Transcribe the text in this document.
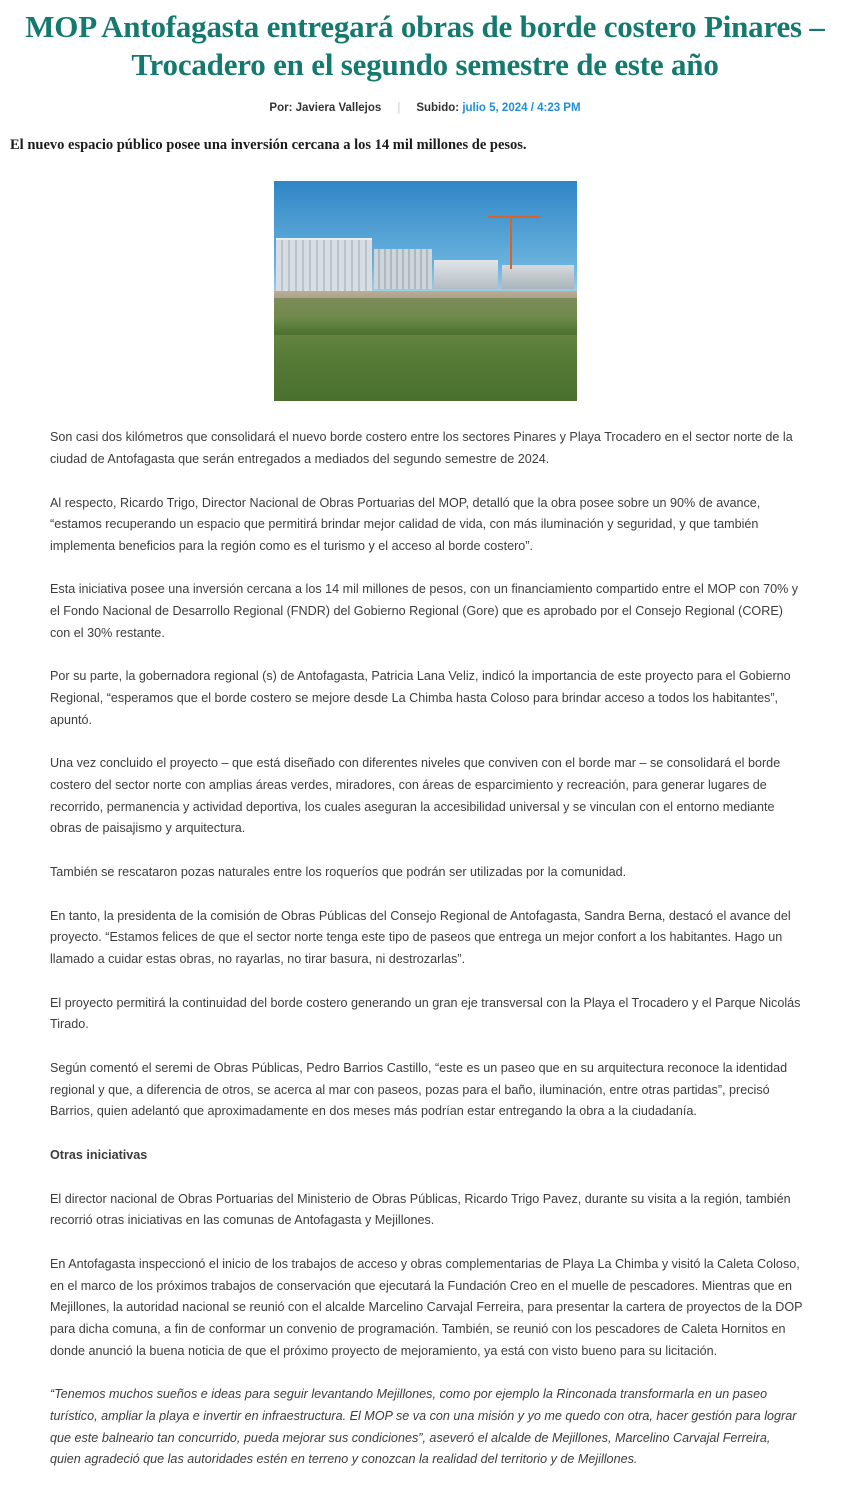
MOP Antofagasta entregará obras de borde costero Pinares – Trocadero en el segundo semestre de este año
Por: Javiera Vallejos | Subido: julio 5, 2024 / 4:23 PM

El nuevo espacio público posee una inversión cercana a los 14 mil millones de pesos.

Son casi dos kilómetros que consolidará el nuevo borde costero entre los sectores Pinares y Playa Trocadero en el sector norte de la ciudad de Antofagasta que serán entregados a mediados del segundo semestre de 2024.

Al respecto, Ricardo Trigo, Director Nacional de Obras Portuarias del MOP, detalló que la obra posee sobre un 90% de avance, “estamos recuperando un espacio que permitirá brindar mejor calidad de vida, con más iluminación y seguridad, y que también implementa beneficios para la región como es el turismo y el acceso al borde costero”.

Esta iniciativa posee una inversión cercana a los 14 mil millones de pesos, con un financiamiento compartido entre el MOP con 70% y el Fondo Nacional de Desarrollo Regional (FNDR) del Gobierno Regional (Gore) que es aprobado por el Consejo Regional (CORE) con el 30% restante.

Por su parte, la gobernadora regional (s) de Antofagasta, Patricia Lana Veliz, indicó la importancia de este proyecto para el Gobierno Regional, “esperamos que el borde costero se mejore desde La Chimba hasta Coloso para brindar acceso a todos los habitantes”, apuntó.

Una vez concluido el proyecto – que está diseñado con diferentes niveles que conviven con el borde mar – se consolidará el borde costero del sector norte con amplias áreas verdes, miradores, con áreas de esparcimiento y recreación, para generar lugares de recorrido, permanencia y actividad deportiva, los cuales aseguran la accesibilidad universal y se vinculan con el entorno mediante obras de paisajismo y arquitectura.

También se rescataron pozas naturales entre los roqueríos que podrán ser utilizadas por la comunidad.

En tanto, la presidenta de la comisión de Obras Públicas del Consejo Regional de Antofagasta, Sandra Berna, destacó el avance del proyecto. “Estamos felices de que el sector norte tenga este tipo de paseos que entrega un mejor confort a los habitantes. Hago un llamado a cuidar estas obras, no rayarlas, no tirar basura, ni destrozarlas”.

El proyecto permitirá la continuidad del borde costero generando un gran eje transversal con la Playa el Trocadero y el Parque Nicolás Tirado.

Según comentó el seremi de Obras Públicas, Pedro Barrios Castillo, “este es un paseo que en su arquitectura reconoce la identidad regional y que, a diferencia de otros, se acerca al mar con paseos, pozas para el baño, iluminación, entre otras partidas”, precisó Barrios, quien adelantó que aproximadamente en dos meses más podrían estar entregando la obra a la ciudadanía.

Otras iniciativas

El director nacional de Obras Portuarias del Ministerio de Obras Públicas, Ricardo Trigo Pavez, durante su visita a la región, también recorrió otras iniciativas en las comunas de Antofagasta y Mejillones.

En Antofagasta inspeccionó el inicio de los trabajos de acceso y obras complementarias de Playa La Chimba y visitó la Caleta Coloso, en el marco de los próximos trabajos de conservación que ejecutará la Fundación Creo en el muelle de pescadores. Mientras que en Mejillones, la autoridad nacional se reunió con el alcalde Marcelino Carvajal Ferreira, para presentar la cartera de proyectos de la DOP para dicha comuna, a fin de conformar un convenio de programación. También, se reunió con los pescadores de Caleta Hornitos en donde anunció la buena noticia de que el próximo proyecto de mejoramiento, ya está con visto bueno para su licitación.

“Tenemos muchos sueños e ideas para seguir levantando Mejillones, como por ejemplo la Rinconada transformarla en un paseo turístico, ampliar la playa e invertir en infraestructura. El MOP se va con una misión y yo me quedo con otra, hacer gestión para lograr que este balneario tan concurrido, pueda mejorar sus condiciones”, aseveró el alcalde de Mejillones, Marcelino Carvajal Ferreira, quien agradeció que las autoridades estén en terreno y conozcan la realidad del territorio y de Mejillones.
